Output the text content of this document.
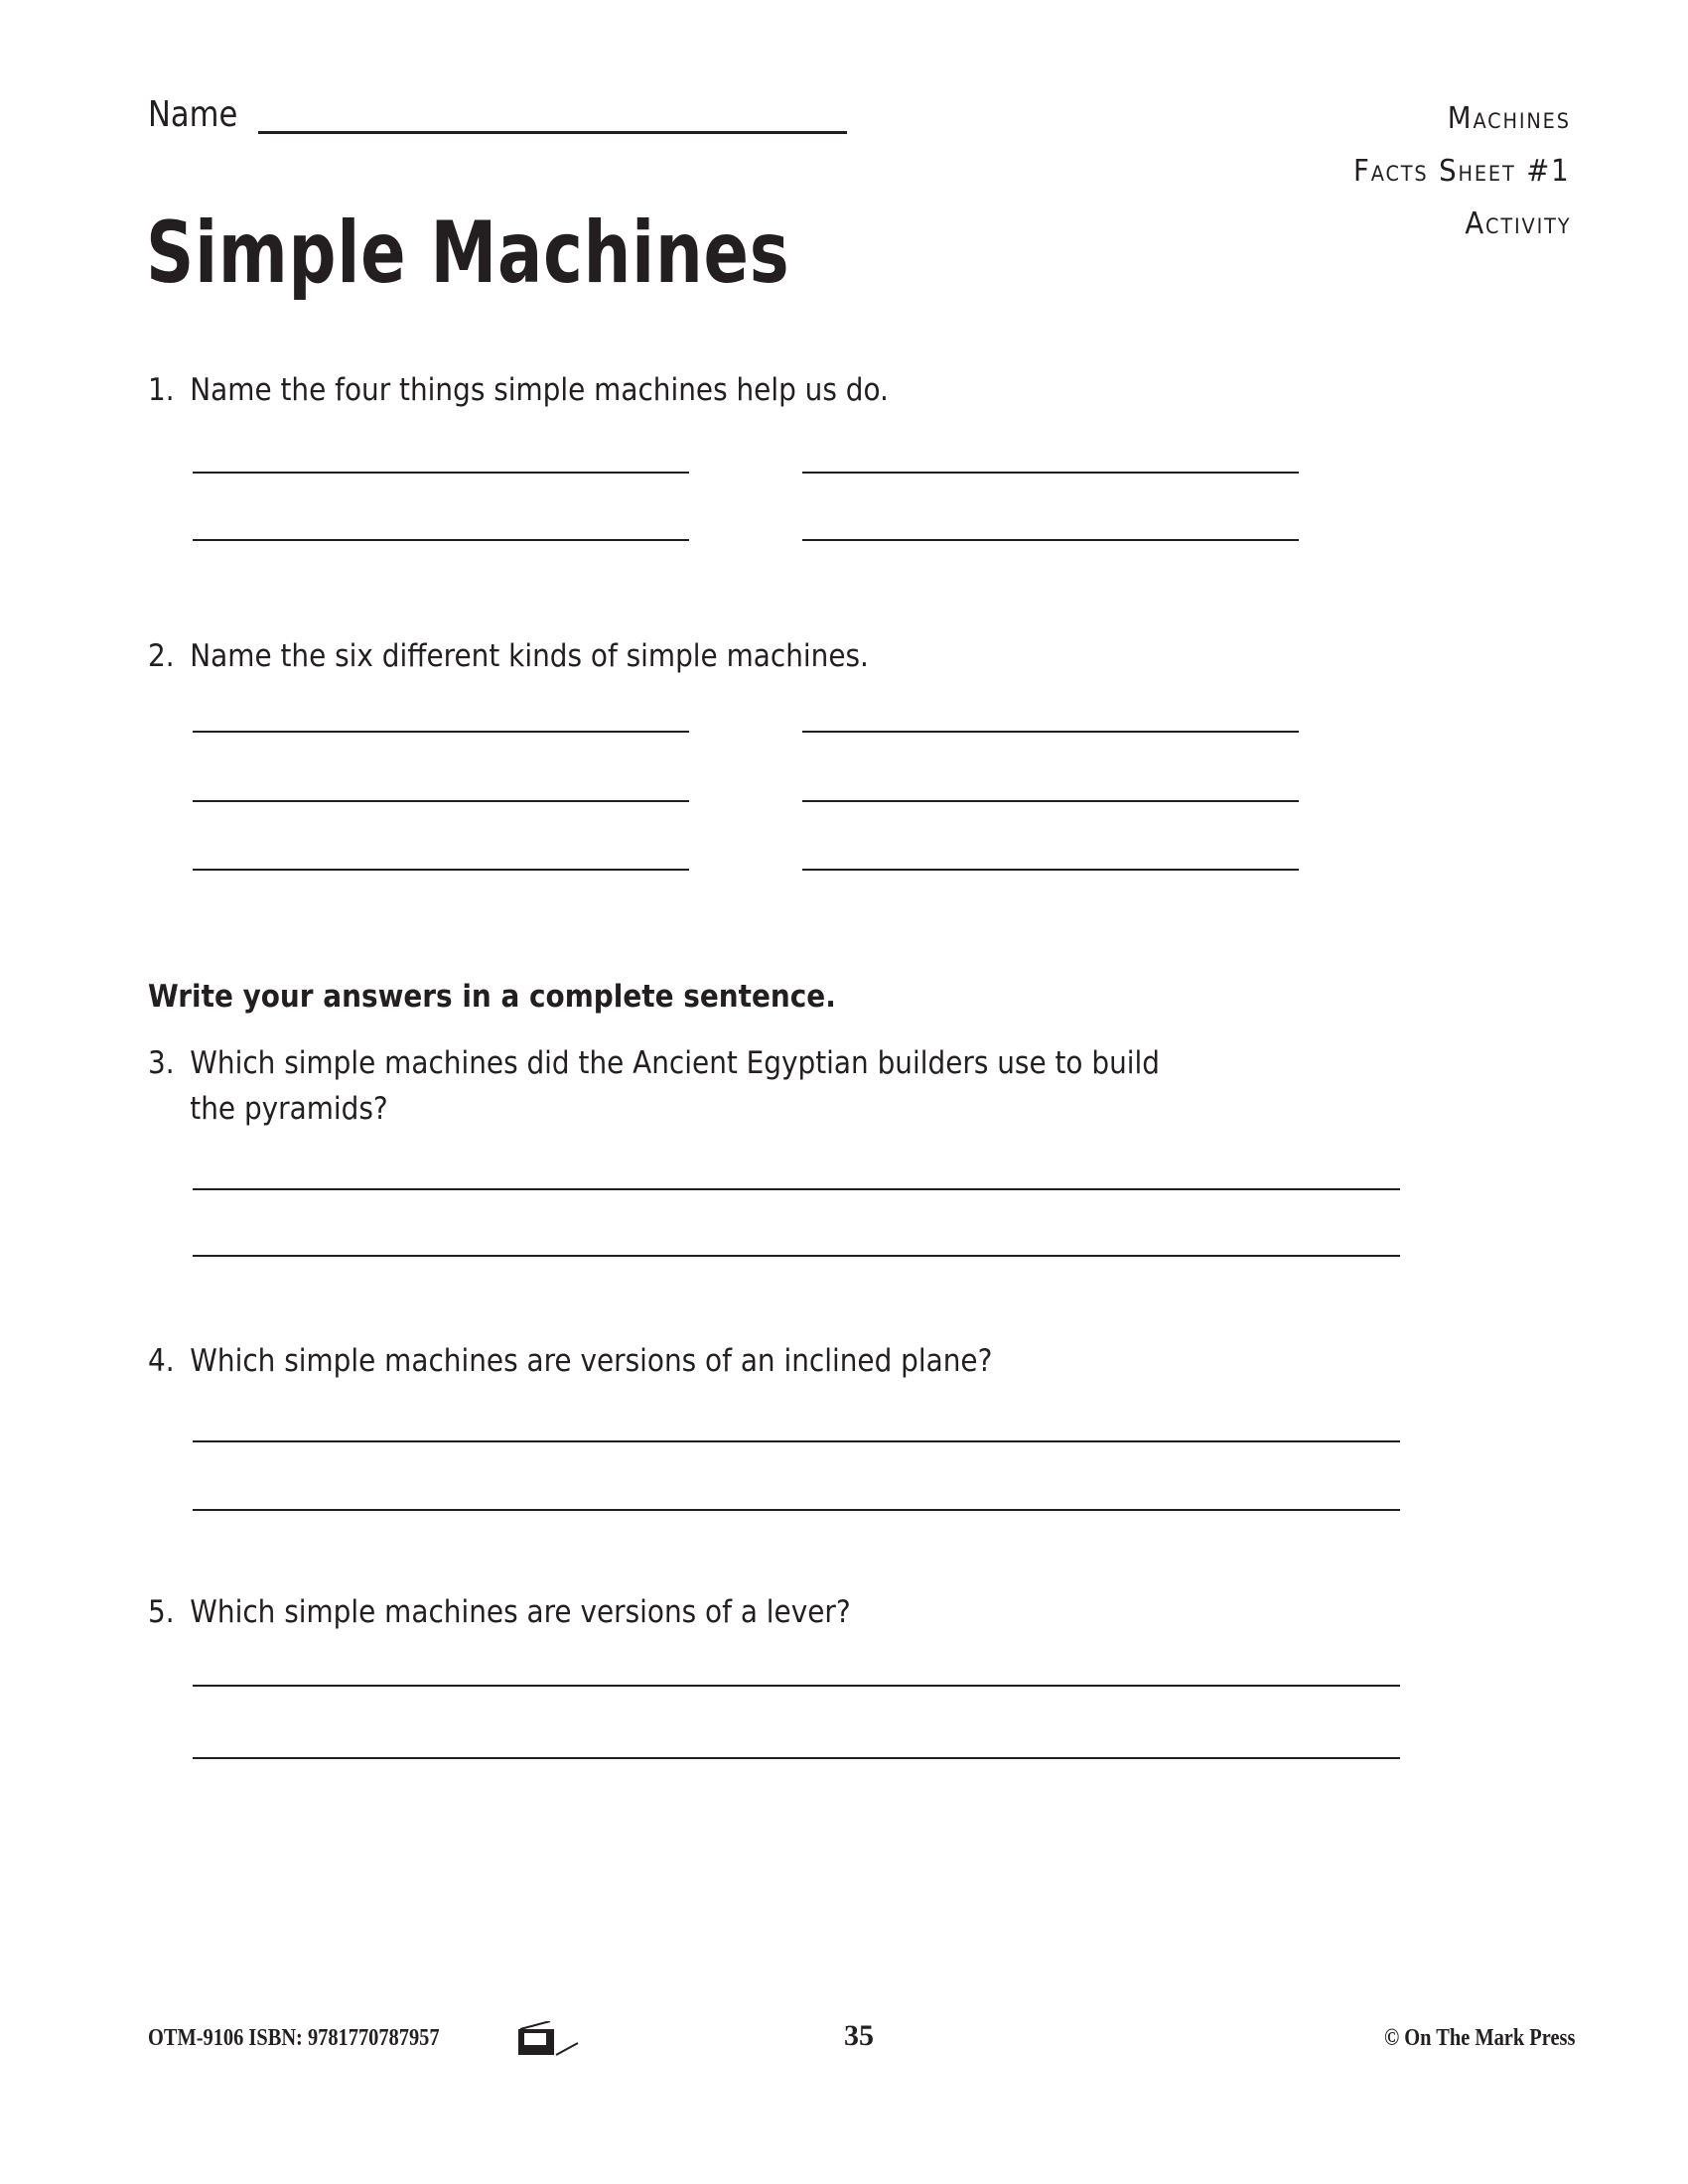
Name	Machines
Facts Sheet #1
Activity
Simple Machines
1. Name the four things simple machines help us do.
2. Name the six different kinds of simple machines.
Write your answers in a complete sentence.
3. Which simple machines did the Ancient Egyptian builders use to build
the pyramids?
4. Which simple machines are versions of an inclined plane?
5. Which simple machines are versions of a lever?
OTM-9106 ISBN: 9781770787957	35	© On The Mark Press
